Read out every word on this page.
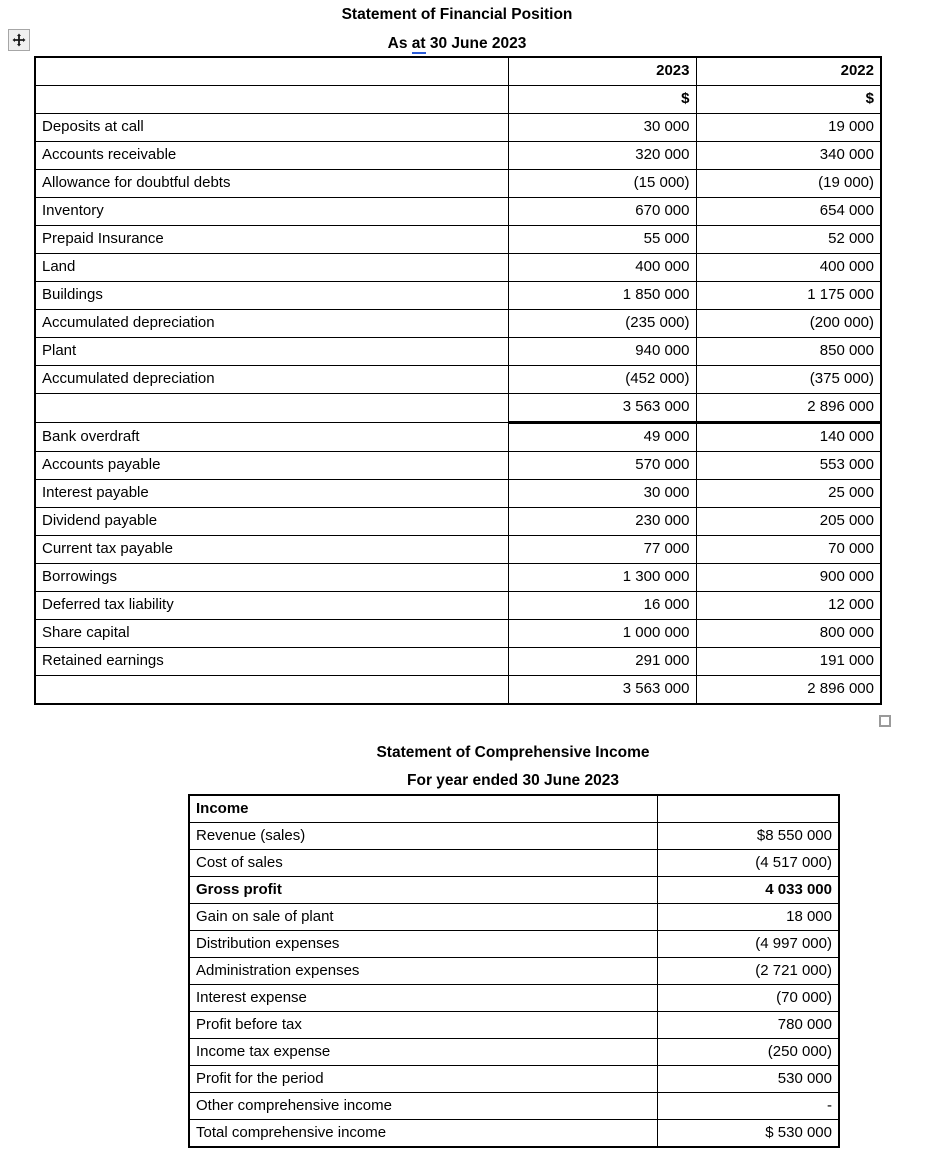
Statement of Financial Position
As at 30 June 2023
	2023	2022
	$	$
Deposits at call	30 000	19 000
Accounts receivable	320 000	340 000
Allowance for doubtful debts	(15 000)	(19 000)
Inventory	670 000	654 000
Prepaid Insurance	55 000	52 000
Land	400 000	400 000
Buildings	1 850 000	1 175 000
Accumulated depreciation	(235 000)	(200 000)
Plant	940 000	850 000
Accumulated depreciation	(452 000)	(375 000)
	3 563 000	2 896 000
Bank overdraft	49 000	140 000
Accounts payable	570 000	553 000
Interest payable	30 000	25 000
Dividend payable	230 000	205 000
Current tax payable	77 000	70 000
Borrowings	1 300 000	900 000
Deferred tax liability	16 000	12 000
Share capital	1 000 000	800 000
Retained earnings	291 000	191 000
	3 563 000	2 896 000
Statement of Comprehensive Income
For year ended 30 June 2023
Income	
Revenue (sales)	$8 550 000
Cost of sales	(4 517 000)
Gross profit	4 033 000
Gain on sale of plant	18 000
Distribution expenses	(4 997 000)
Administration expenses	(2 721 000)
Interest expense	(70 000)
Profit before tax	780 000
Income tax expense	(250 000)
Profit for the period	530 000
Other comprehensive income	-
Total comprehensive income	$ 530 000
